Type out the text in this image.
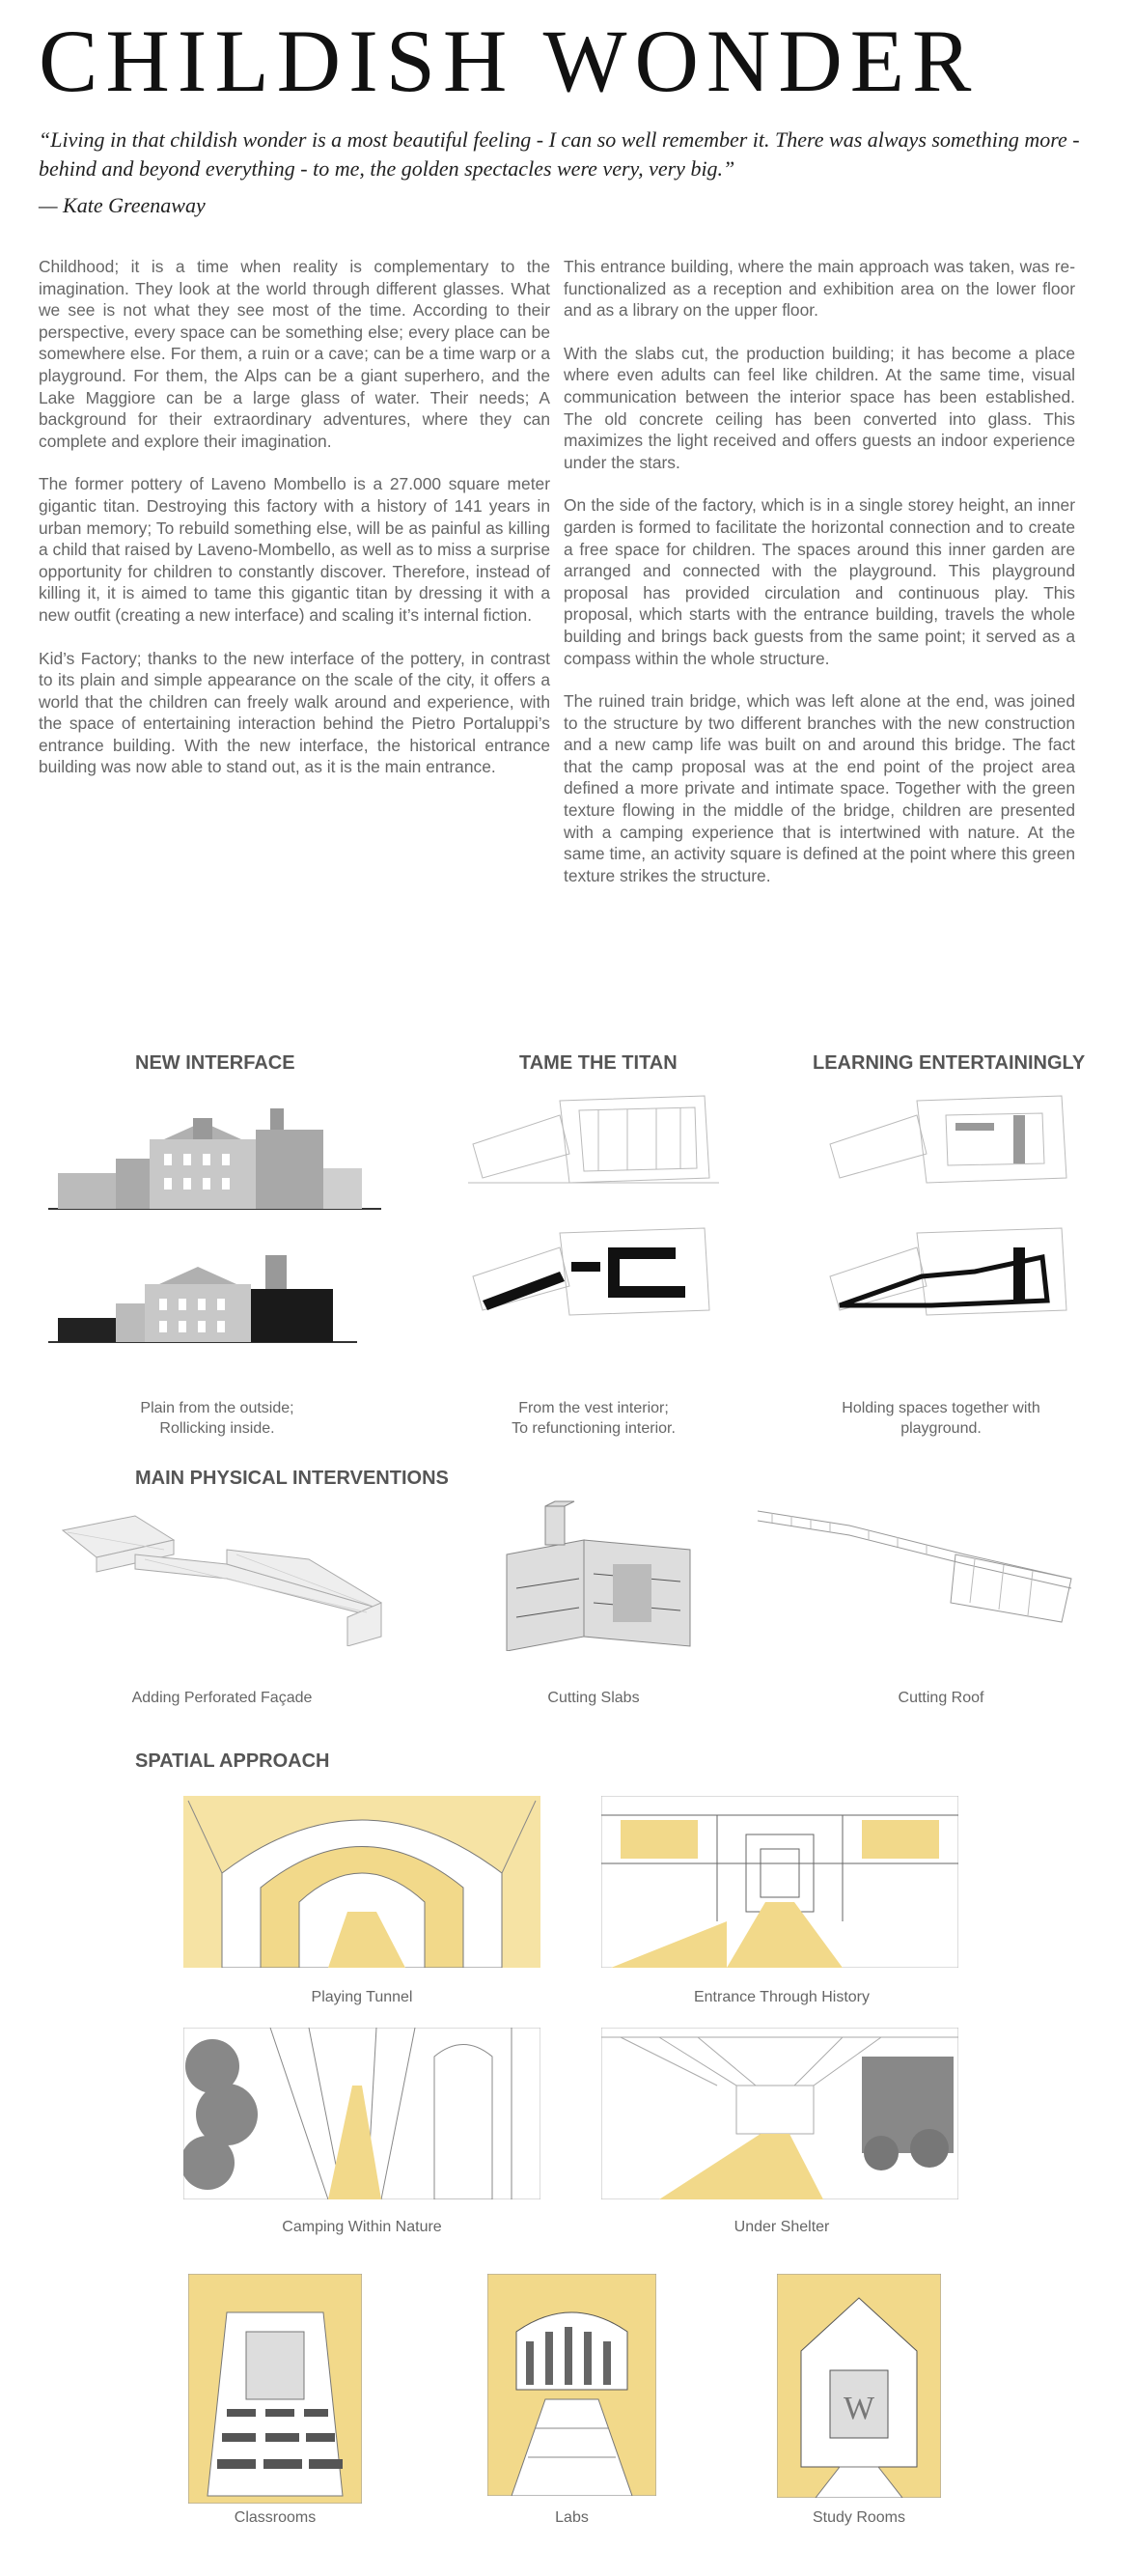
CHILDISH WONDER
“Living in that childish wonder is a most beautiful feeling - I can so well remember it. There was always something more - behind and beyond everything - to me, the golden spectacles were very, very big.”
— Kate Greenaway

Childhood; it is a time when reality is complementary to the imagination. They look at the world through different glasses. What we see is not what they see most of the time. According to their perspective, every space can be something else; every place can be somewhere else. For them, a ruin or a cave; can be a time warp or a playground. For them, the Alps can be a giant superhero, and the Lake Maggiore can be a large glass of water. Their needs; A background for their extraordinary adventures, where they can complete and explore their imagination.

The former pottery of Laveno Mombello is a 27.000 square meter gigantic titan. Destroying this factory with a history of 141 years in urban memory; To rebuild something else, will be as painful as killing a child that raised by Laveno-Mombello, as well as to miss a surprise opportunity for children to constantly discover. Therefore, instead of killing it, it is aimed to tame this gigantic titan by dressing it with a new outfit (creating a new interface) and scaling it’s internal fiction.

Kid’s Factory; thanks to the new interface of the pottery, in contrast to its plain and simple appearance on the scale of the city, it offers a world that the children can freely walk around and experience, with the space of entertaining interaction behind the Pietro Portaluppi’s entrance building. With the new interface, the historical entrance building was now able to stand out, as it is the main entrance.

This entrance building, where the main approach was taken, was re-functionalized as a reception and exhibition area on the lower floor and as a library on the upper floor.

With the slabs cut, the production building; it has become a place where even adults can feel like children. At the same time, visual communication between the interior space has been established. The old concrete ceiling has been converted into glass. This maximizes the light received and offers guests an indoor experience under the stars.

On the side of the factory, which is in a single storey height, an inner garden is formed to facilitate the horizontal connection and to create a free space for children. The spaces around this inner garden are arranged and connected with the playground. This playground proposal has provided circulation and continuous play. This proposal, which starts with the entrance building, travels the whole building and brings back guests from the same point; it served as a compass within the whole structure.

The ruined train bridge, which was left alone at the end, was joined to the structure by two different branches with the new construction and a new camp life was built on and around this bridge. The fact that the camp proposal was at the end point of the project area defined a more private and intimate space. Together with the green texture flowing in the middle of the bridge, children are presented with a camping experience that is intertwined with nature. At the same time, an activity square is defined at the point where this green texture strikes the structure.

NEW INTERFACE	TAME THE TITAN	LEARNING ENTERTAININGLY
Plain from the outside;
Rollicking inside.
From the vest interior;
To refunctioning interior.
Holding spaces together with
playground.
MAIN PHYSICAL INTERVENTIONS
Adding Perforated Façade	Cutting Slabs	Cutting Roof
SPATIAL APPROACH
Playing Tunnel	Entrance Through History
Camping Within Nature	Under Shelter
W
Classrooms	Labs	Study Rooms
